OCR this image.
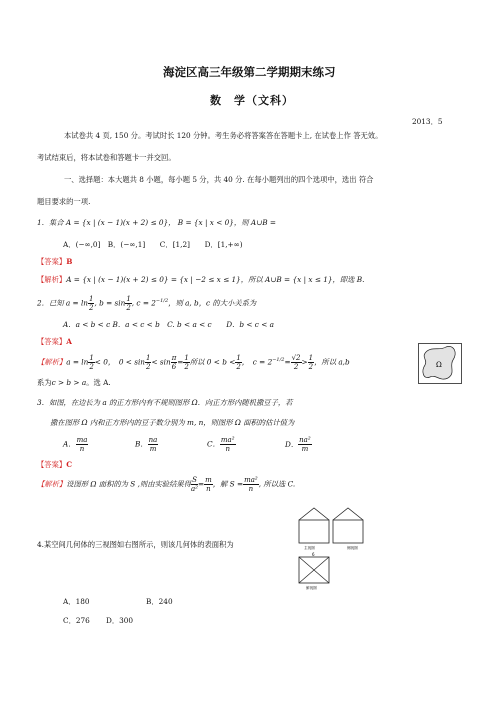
海淀区高三年级第二学期期末练习
数　学（文科）
2013．5
本试卷共 4 页, 150 分。考试时长 120 分钟。考生务必将答案答在答题卡上, 在试卷上作 答无效。
考试结束后，将本试卷和答题卡一并交回。
一、选择题：本大题共 8 小题，每小题 5 分，共 40 分. 在每小题列出的四个选项中，选出 符合
题目要求的一项.
1．集合 A = {x | (x − 1)(x + 2) ≤ 0}， B = {x | x < 0}，则 A∪B =
A．(−∞,0]　B．(−∞,1]　　C．[1,2]　　D．[1,+∞)
【答案】B
【解析】A = {x | (x − 1)(x + 2) ≤ 0} = {x | −2 ≤ x ≤ 1}，所以 A∪B = {x | x ≤ 1}，即选 B.
2．已知 $a = \ln \frac{1}{2}$ , $b = \sin \frac{1}{2}$ , $c = 2^{-1/2}$，则 a, b，c 的大小关系为
A．a < b < c B．a < c < b　C. b < a < c　　D．b < c < a
【答案】A
【解析】$a = \ln \frac{1}{2} < 0$，　$0 < \sin \frac{1}{2} < \sin \frac{\pi}{6} = \frac{1}{2}$ 所以 $0 < b < \frac{1}{2}$ ，　$c = 2^{-1/2}= \frac{√2}{2} > \frac{1}{2}$ ，所以 a,b
系为c > b > a。选 A.
Ω
3．如图，在边长为 a 的正方形内有不规则图形 Ω．向正方形内随机撒豆子，若
撒在图形 Ω 内和正方形内的豆子数分别为 m, n，则图形 Ω 面积的估计值为
A． $\frac{ma}{n}$	B． $\frac{na}{m}$	C． $\frac{\text{ma²}}{n}$	D． $\frac{\text{na²}}{m}$
【答案】C
【解析】设图形 Ω 面积的为 S ,则由实验结果得 $\frac{S}{\text{a²}} = \frac{m}{n}$ ，解 $S = \frac{\text{ma²}}{n}$ , 所以选 C.
4.某空间几何体的三视图如右图所示，则该几何体的表面积为	主视图	侧视图
6
俯视图
A．180	B．240
C．276 D．300
